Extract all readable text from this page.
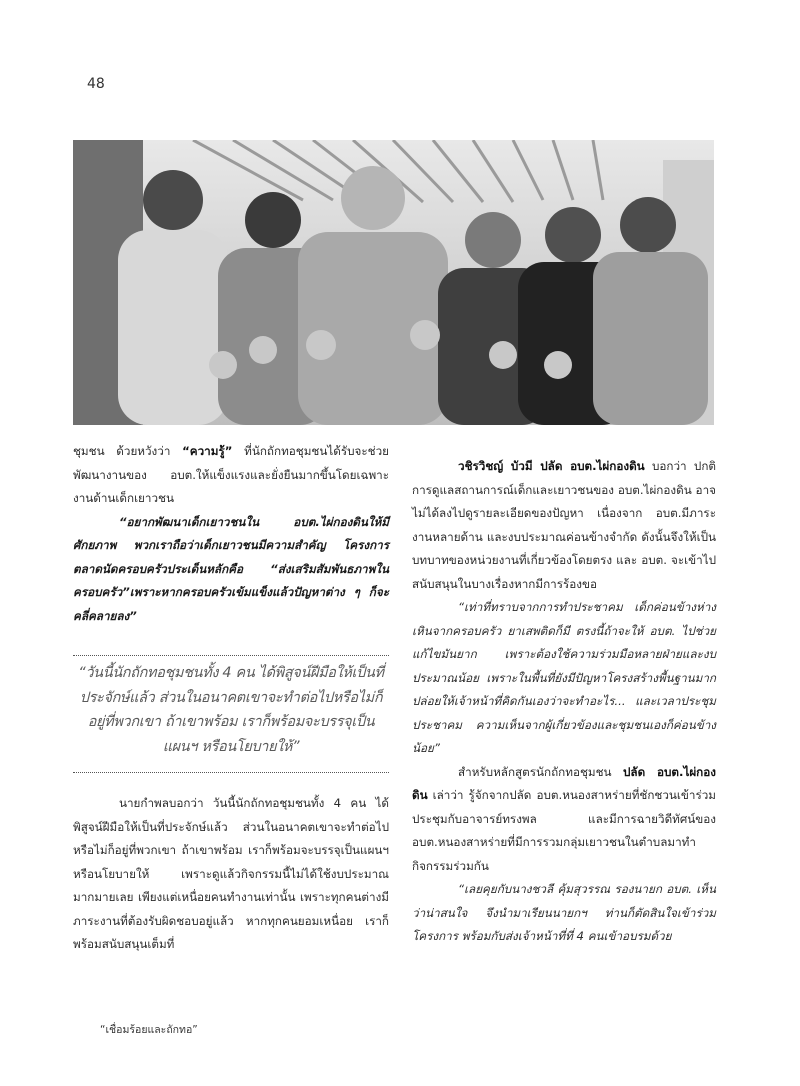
48

ชุมชน ด้วยหวังว่า “ความรู้” ที่นักถักทอชุมชนได้รับจะช่วยพัฒนางานของ อบต.ให้แข็งแรงและยั่งยืนมากขึ้นโดยเฉพาะงานด้านเด็กเยาวชน

“อยากพัฒนาเด็กเยาวชนใน อบต.ไผ่กองดินให้มีศักยภาพ พวกเราถือว่าเด็กเยาวชนมีความสำคัญ โครงการตลาดนัดครอบครัวประเด็นหลักคือ “ส่งเสริมสัมพันธภาพในครอบครัว”เพราะหากครอบครัวเข้มแข็งแล้วปัญหาต่าง ๆ ก็จะคลี่คลายลง”

“วันนี้นักถักทอชุมชนทั้ง 4 คน ได้พิสูจน์ฝีมือให้เป็นที่ประจักษ์แล้ว ส่วนในอนาคตเขาจะทำต่อไปหรือไม่ก็อยู่ที่พวกเขา ถ้าเขาพร้อม เราก็พร้อมจะบรรจุเป็นแผนฯ หรือนโยบายให้”

นายกำพลบอกว่า วันนี้นักถักทอชุมชนทั้ง 4 คน ได้พิสูจน์ฝีมือให้เป็นที่ประจักษ์แล้ว ส่วนในอนาคตเขาจะทำต่อไปหรือไม่ก็อยู่ที่พวกเขา ถ้าเขาพร้อม เราก็พร้อมจะบรรจุเป็นแผนฯ หรือนโยบายให้ เพราะดูแล้วกิจกรรมนี้ไม่ได้ใช้งบประมาณมากมายเลย เพียงแต่เหนื่อยคนทำงานเท่านั้น เพราะทุกคนต่างมีภาระงานที่ต้องรับผิดชอบอยู่แล้ว หากทุกคนยอมเหนื่อย เราก็พร้อมสนับสนุนเต็มที่

วชิรวิชญ์ บัวมี ปลัด อบต.ไผ่กองดิน บอกว่า ปกติการดูแลสถานการณ์เด็กและเยาวชนของ อบต.ไผ่กองดิน อาจไม่ได้ลงไปดูรายละเอียดของปัญหา เนื่องจาก อบต.มีภาระงานหลายด้าน และงบประมาณค่อนข้างจำกัด ดังนั้นจึงให้เป็นบทบาทของหน่วยงานที่เกี่ยวข้องโดยตรง และ อบต. จะเข้าไปสนับสนุนในบางเรื่องหากมีการร้องขอ

“เท่าที่ทราบจากการทำประชาคม เด็กค่อนข้างห่างเหินจากครอบครัว ยาเสพติดก็มี ตรงนี้ถ้าจะให้ อบต. ไปช่วยแก้ไขมันยาก เพราะต้องใช้ความร่วมมือหลายฝ่ายและงบประมาณน้อย เพราะในพื้นที่ยังมีปัญหาโครงสร้างพื้นฐานมาก ปล่อยให้เจ้าหน้าที่คิดกันเองว่าจะทำอะไร... และเวลาประชุมประชาคม ความเห็นจากผู้เกี่ยวข้องและชุมชนเองก็ค่อนข้างน้อย”

สำหรับหลักสูตรนักถักทอชุมชน ปลัด อบต.ไผ่กองดิน เล่าว่า รู้จักจากปลัด อบต.หนองสาหร่ายที่ชักชวนเข้าร่วมประชุมกับอาจารย์ทรงพล และมีการฉายวิดีทัศน์ของ อบต.หนองสาหร่ายที่มีการรวมกลุ่มเยาวชนในตำบลมาทำกิจกรรมร่วมกัน

“เลยคุยกับนางชวลี คุ้มสุวรรณ รองนายก อบต. เห็นว่าน่าสนใจ จึงนำมาเรียนนายกฯ ท่านก็ตัดสินใจเข้าร่วมโครงการ พร้อมกับส่งเจ้าหน้าที่ที่ 4 คนเข้าอบรมด้วย

“เชื่อมร้อยและถักทอ”
